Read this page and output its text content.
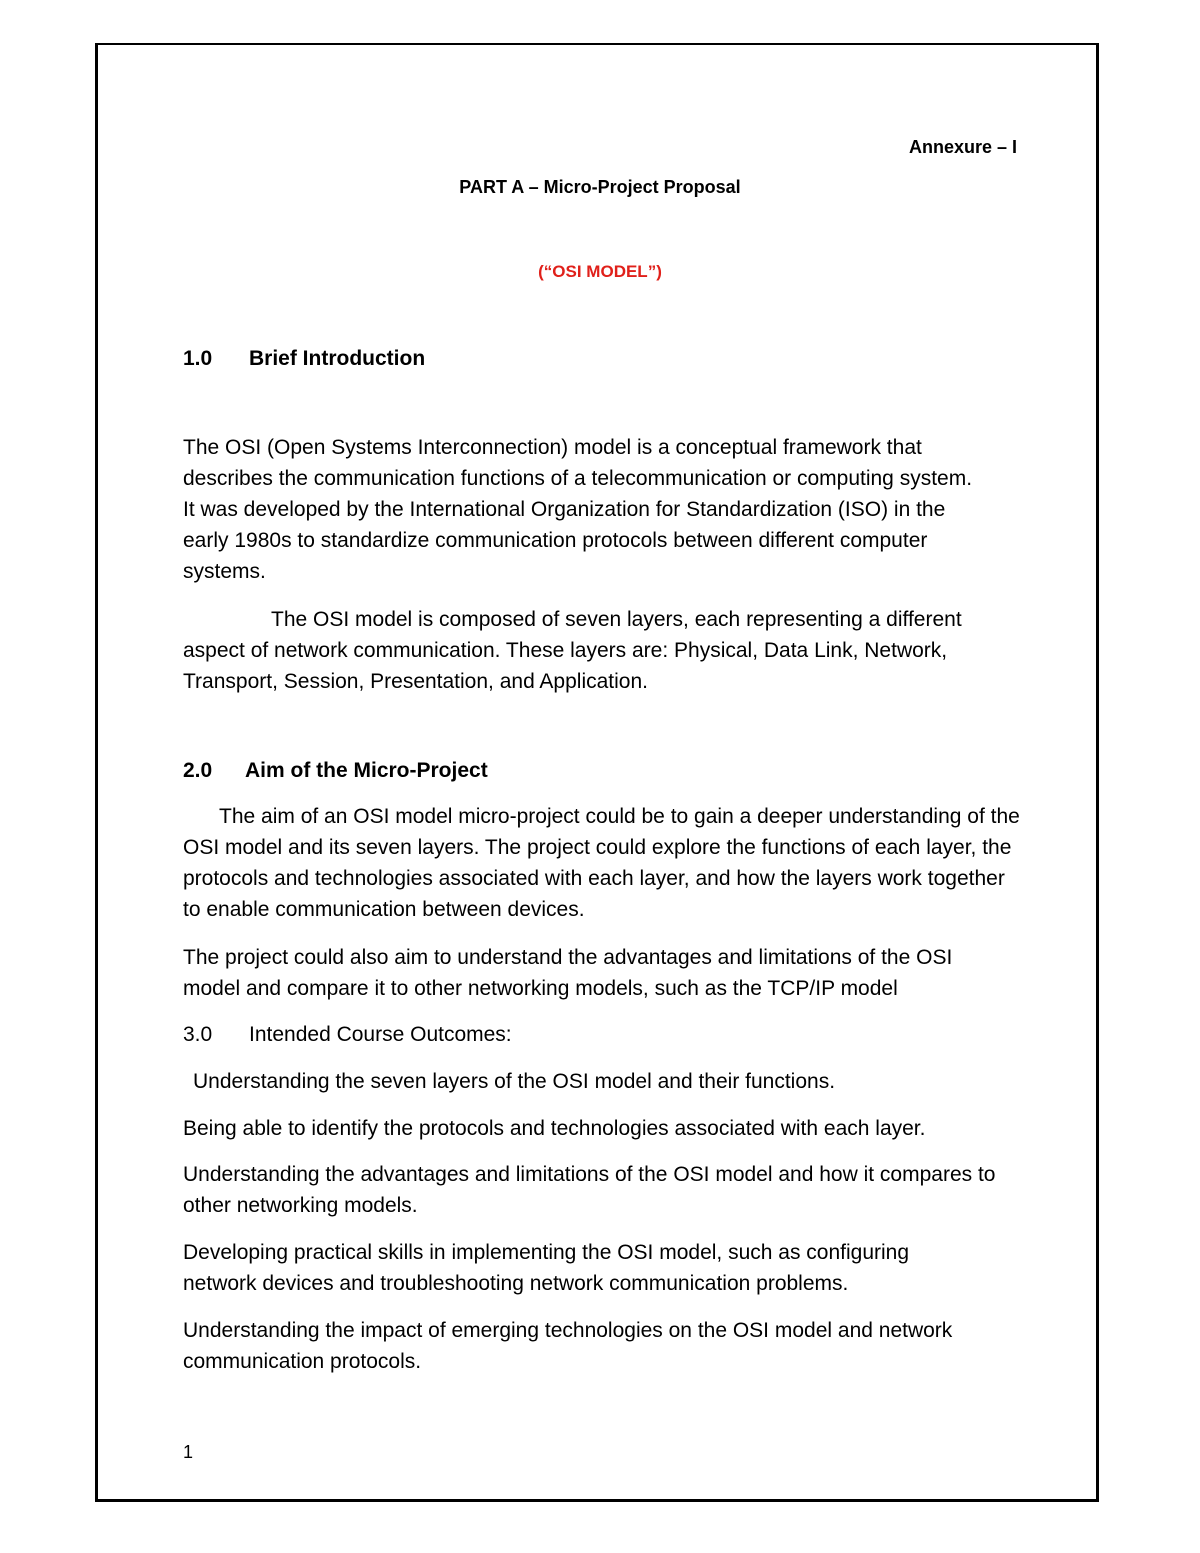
Annexure – I
PART A – Micro-Project Proposal
(“OSI MODEL”)
1.0 Brief Introduction

The OSI (Open Systems Interconnection) model is a conceptual framework that describes the communication functions of a telecommunication or computing system. It was developed by the International Organization for Standardization (ISO) in the early 1980s to standardize communication protocols between different computer systems.

The OSI model is composed of seven layers, each representing a different aspect of network communication. These layers are: Physical, Data Link, Network, Transport, Session, Presentation, and Application.

2.0 Aim of the Micro-Project

The aim of an OSI model micro-project could be to gain a deeper understanding of the OSI model and its seven layers. The project could explore the functions of each layer, the protocols and technologies associated with each layer, and how the layers work together to enable communication between devices.

The project could also aim to understand the advantages and limitations of the OSI model and compare it to other networking models, such as the TCP/IP model

3.0 Intended Course Outcomes:

Understanding the seven layers of the OSI model and their functions.

Being able to identify the protocols and technologies associated with each layer.

Understanding the advantages and limitations of the OSI model and how it compares to other networking models.

Developing practical skills in implementing the OSI model, such as configuring network devices and troubleshooting network communication problems.

Understanding the impact of emerging technologies on the OSI model and network communication protocols.

1
